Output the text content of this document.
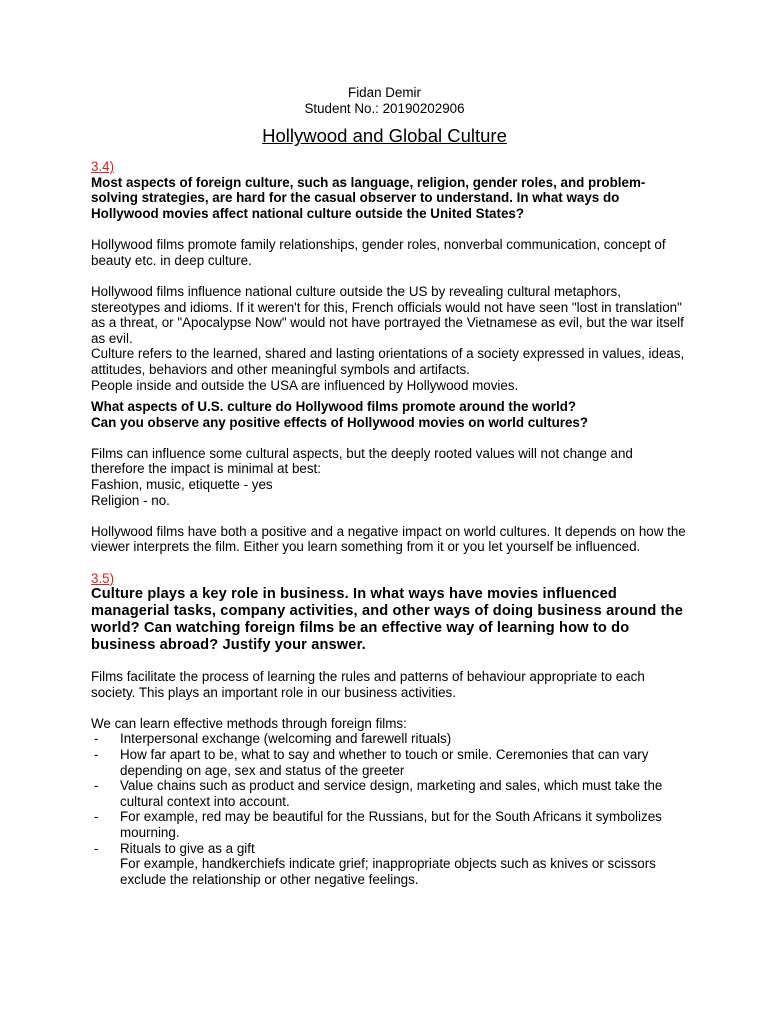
Fidan Demir

Student No.: 20190202906

Hollywood and Global Culture

3.4)

Most aspects of foreign culture, such as language, religion, gender roles, and problem-solving strategies, are hard for the casual observer to understand. In what ways do Hollywood movies affect national culture outside the United States?

Hollywood films promote family relationships, gender roles, nonverbal communication, concept of beauty etc. in deep culture.

Hollywood films influence national culture outside the US by revealing cultural metaphors, stereotypes and idioms. If it weren't for this, French officials would not have seen "lost in translation" as a threat, or "Apocalypse Now" would not have portrayed the Vietnamese as evil, but the war itself as evil.

Culture refers to the learned, shared and lasting orientations of a society expressed in values, ideas, attitudes, behaviors and other meaningful symbols and artifacts.

People inside and outside the USA are influenced by Hollywood movies.

What aspects of U.S. culture do Hollywood films promote around the world?

Can you observe any positive effects of Hollywood movies on world cultures?

Films can influence some cultural aspects, but the deeply rooted values will not change and therefore the impact is minimal at best:

Fashion, music, etiquette - yes

Religion - no.

Hollywood films have both a positive and a negative impact on world cultures. It depends on how the viewer interprets the film. Either you learn something from it or you let yourself be influenced.

3.5)

Culture plays a key role in business. In what ways have movies influenced managerial tasks, company activities, and other ways of doing business around the world? Can watching foreign films be an effective way of learning how to do business abroad? Justify your answer.

Films facilitate the process of learning the rules and patterns of behaviour appropriate to each society. This plays an important role in our business activities.

We can learn effective methods through foreign films:

- Interpersonal exchange (welcoming and farewell rituals)
- How far apart to be, what to say and whether to touch or smile. Ceremonies that can vary depending on age, sex and status of the greeter
- Value chains such as product and service design, marketing and sales, which must take the cultural context into account.
- For example, red may be beautiful for the Russians, but for the South Africans it symbolizes mourning.
- Rituals to give as a gift
For example, handkerchiefs indicate grief; inappropriate objects such as knives or scissors exclude the relationship or other negative feelings.
